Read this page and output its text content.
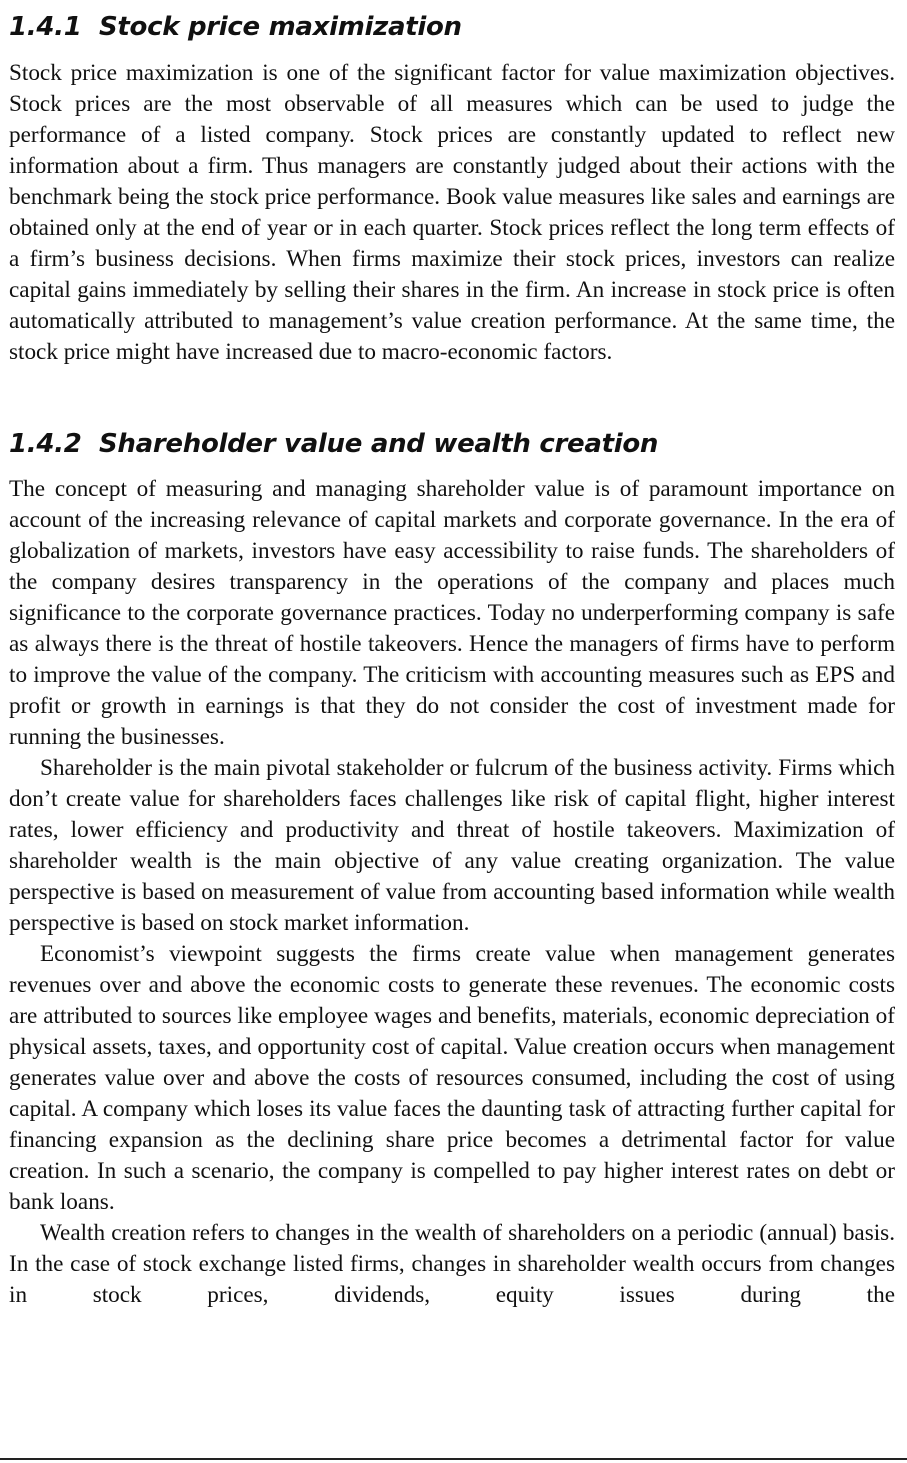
1.4.1 Stock price maximization

Stock price maximization is one of the significant factor for value maximization objectives. Stock prices are the most observable of all measures which can be used to judge the performance of a listed company. Stock prices are constantly updated to reflect new information about a firm. Thus managers are constantly judged about their actions with the benchmark being the stock price performance. Book value measures like sales and earnings are obtained only at the end of year or in each quarter. Stock prices reflect the long term effects of a firm’s business decisions. When firms maximize their stock prices, investors can realize capital gains immediately by selling their shares in the firm. An increase in stock price is often automatically attributed to management’s value creation performance. At the same time, the stock price might have increased due to macro-economic factors.

1.4.2 Shareholder value and wealth creation

The concept of measuring and managing shareholder value is of paramount importance on account of the increasing relevance of capital markets and corporate governance. In the era of globalization of markets, investors have easy accessibility to raise funds. The shareholders of the company desires transparency in the operations of the company and places much significance to the corporate governance practices. Today no underperforming company is safe as always there is the threat of hostile takeovers. Hence the managers of firms have to perform to improve the value of the company. The criticism with accounting measures such as EPS and profit or growth in earnings is that they do not consider the cost of investment made for running the businesses.

Shareholder is the main pivotal stakeholder or fulcrum of the business activity. Firms which don’t create value for shareholders faces challenges like risk of capital flight, higher interest rates, lower efficiency and productivity and threat of hostile takeovers. Maximization of shareholder wealth is the main objective of any value creating organization. The value perspective is based on measurement of value from accounting based information while wealth perspective is based on stock market information.

Economist’s viewpoint suggests the firms create value when management generates revenues over and above the economic costs to generate these revenues. The economic costs are attributed to sources like employee wages and benefits, materials, economic depreciation of physical assets, taxes, and opportunity cost of capital. Value creation occurs when management generates value over and above the costs of resources consumed, including the cost of using capital. A company which loses its value faces the daunting task of attracting further capital for financing expansion as the declining share price becomes a detrimental factor for value creation. In such a scenario, the company is compelled to pay higher interest rates on debt or bank loans.

Wealth creation refers to changes in the wealth of shareholders on a periodic (annual) basis. In the case of stock exchange listed firms, changes in shareholder wealth occurs from changes in stock prices, dividends, equity issues during the
